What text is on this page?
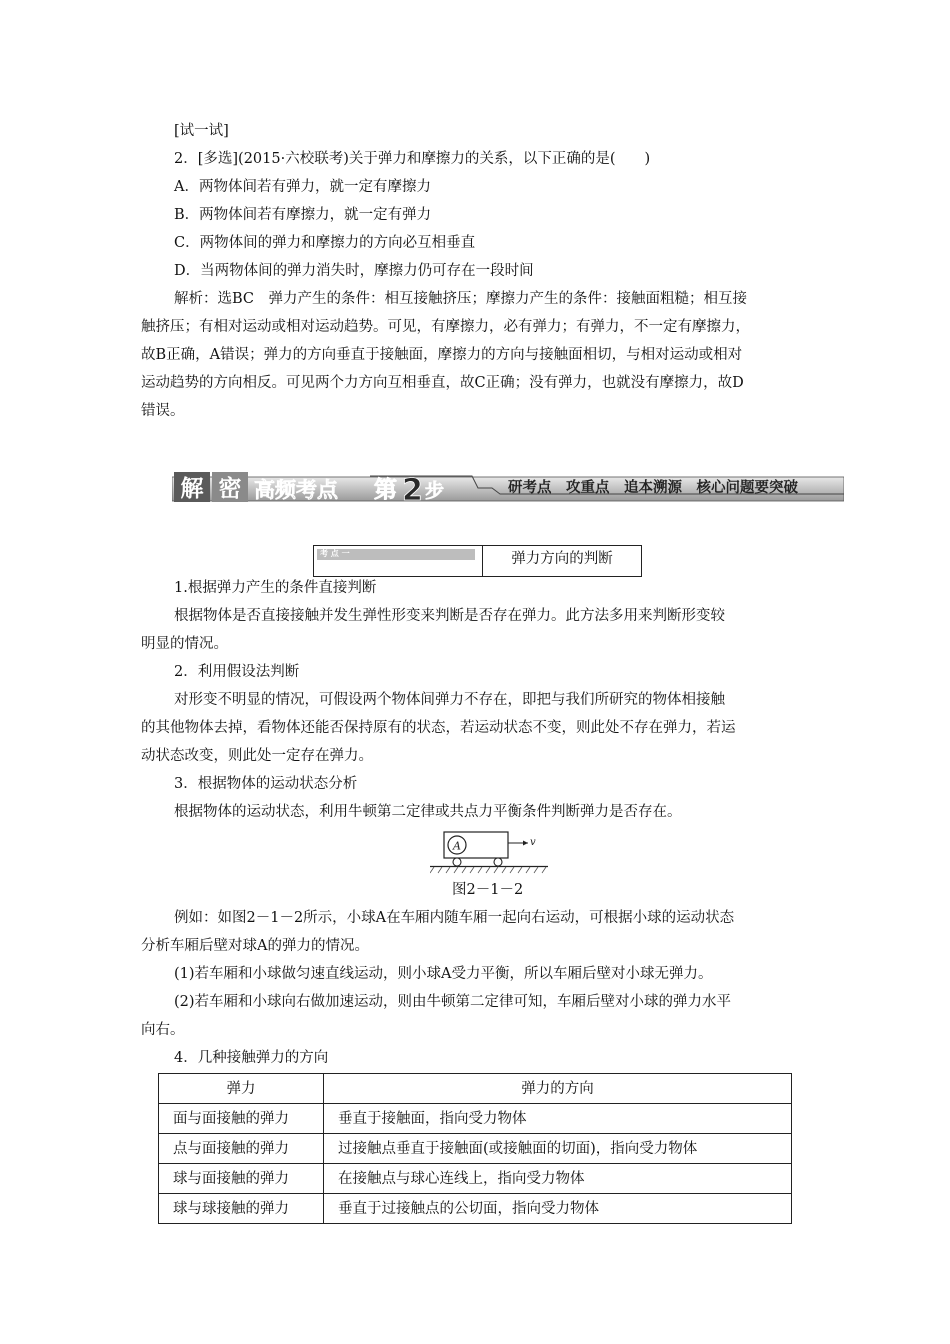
[试一试]
2．[多选](2015·六校联考)关于弹力和摩擦力的关系，以下正确的是(　　)
A．两物体间若有弹力，就一定有摩擦力
B．两物体间若有摩擦力，就一定有弹力
C．两物体间的弹力和摩擦力的方向必互相垂直
D．当两物体间的弹力消失时，摩擦力仍可存在一段时间
解析：选BC　弹力产生的条件：相互接触挤压；摩擦力产生的条件：接触面粗糙；相互接
触挤压；有相对运动或相对运动趋势。可见，有摩擦力，必有弹力；有弹力，不一定有摩擦力，
故B正确，A错误；弹力的方向垂直于接触面，摩擦力的方向与接触面相切，与相对运动或相对
运动趋势的方向相反。可见两个力方向互相垂直，故C正确；没有弹力，也就没有摩擦力，故D
错误。
解 密 高频考点 第 2 步	研考点　攻重点　追本溯源　核心问题要突破
考 点 一	弹力方向的判断
1.根据弹力产生的条件直接判断
根据物体是否直接接触并发生弹性形变来判断是否存在弹力。此方法多用来判断形变较
明显的情况。
2．利用假设法判断
对形变不明显的情况，可假设两个物体间弹力不存在，即把与我们所研究的物体相接触
的其他物体去掉，看物体还能否保持原有的状态，若运动状态不变，则此处不存在弹力，若运
动状态改变，则此处一定存在弹力。
3．根据物体的运动状态分析
根据物体的运动状态，利用牛顿第二定律或共点力平衡条件判断弹力是否存在。
A	v
图2－1－2
例如：如图2－1－2所示，小球A在车厢内随车厢一起向右运动，可根据小球的运动状态
分析车厢后壁对球A的弹力的情况。
(1)若车厢和小球做匀速直线运动，则小球A受力平衡，所以车厢后壁对小球无弹力。
(2)若车厢和小球向右做加速运动，则由牛顿第二定律可知，车厢后壁对小球的弹力水平
向右。
4．几种接触弹力的方向
弹力	弹力的方向
面与面接触的弹力	垂直于接触面，指向受力物体
点与面接触的弹力	过接触点垂直于接触面(或接触面的切面)，指向受力物体
球与面接触的弹力	在接触点与球心连线上，指向受力物体
球与球接触的弹力	垂直于过接触点的公切面，指向受力物体
